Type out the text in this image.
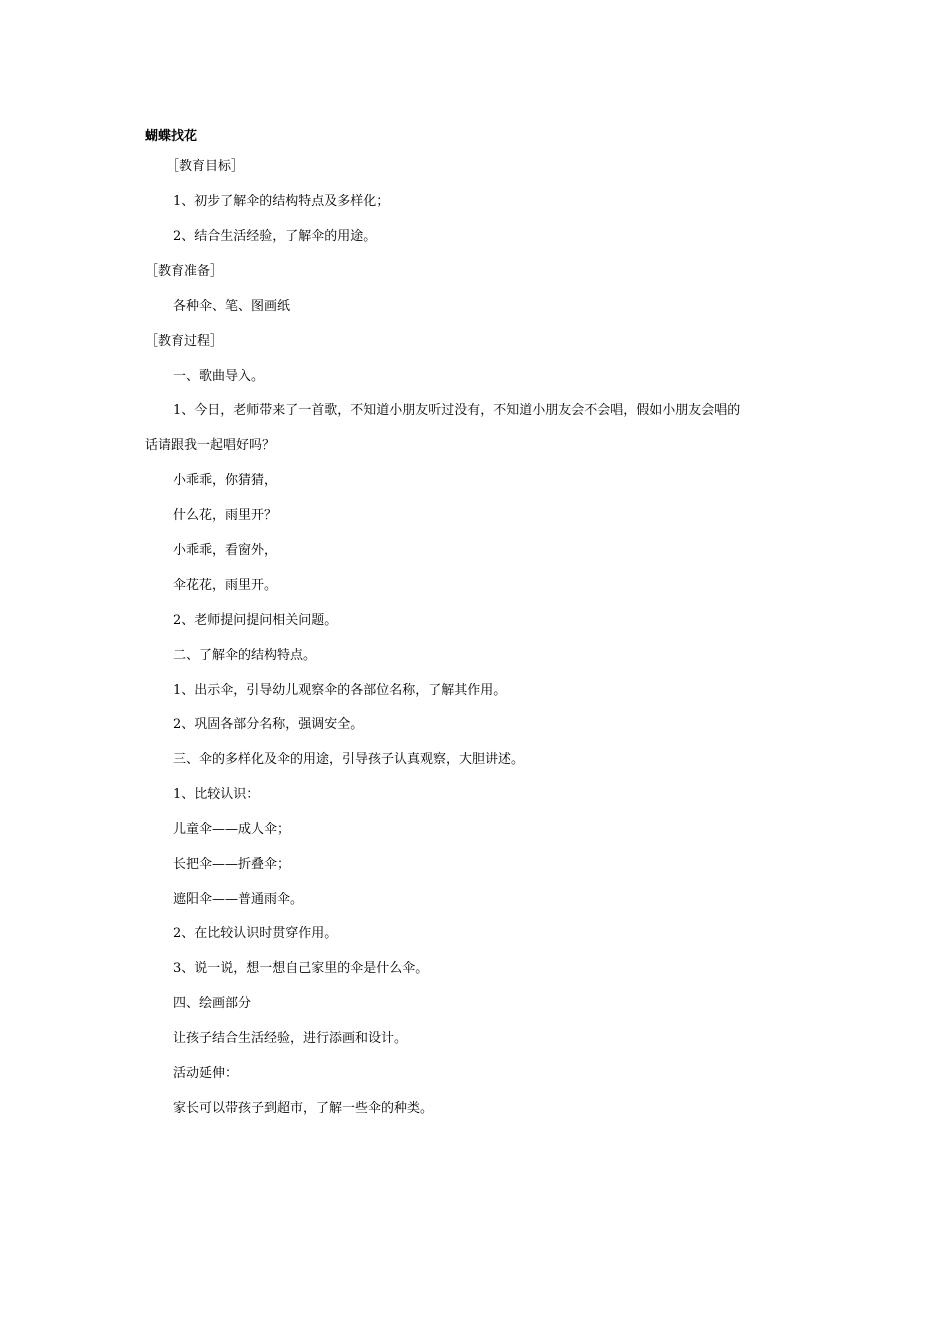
蝴蝶找花
［教育目标］
1、初步了解伞的结构特点及多样化；
2、结合生活经验，了解伞的用途。
［教育准备］
各种伞、笔、图画纸
［教育过程］
一、歌曲导入。
1、今日，老师带来了一首歌，不知道小朋友听过没有，不知道小朋友会不会唱，假如小朋友会唱的
话请跟我一起唱好吗？
小乖乖，你猜猜，
什么花，雨里开？
小乖乖，看窗外，
伞花花，雨里开。
2、老师提问提问相关问题。
二、了解伞的结构特点。
1、出示伞，引导幼儿观察伞的各部位名称，了解其作用。
2、巩固各部分名称，强调安全。
三、伞的多样化及伞的用途，引导孩子认真观察，大胆讲述。
1、比较认识：
儿童伞——成人伞；
长把伞——折叠伞；
遮阳伞——普通雨伞。
2、在比较认识时贯穿作用。
3、说一说，想一想自己家里的伞是什么伞。
四、绘画部分
让孩子结合生活经验，进行添画和设计。
活动延伸：
家长可以带孩子到超市，了解一些伞的种类。
